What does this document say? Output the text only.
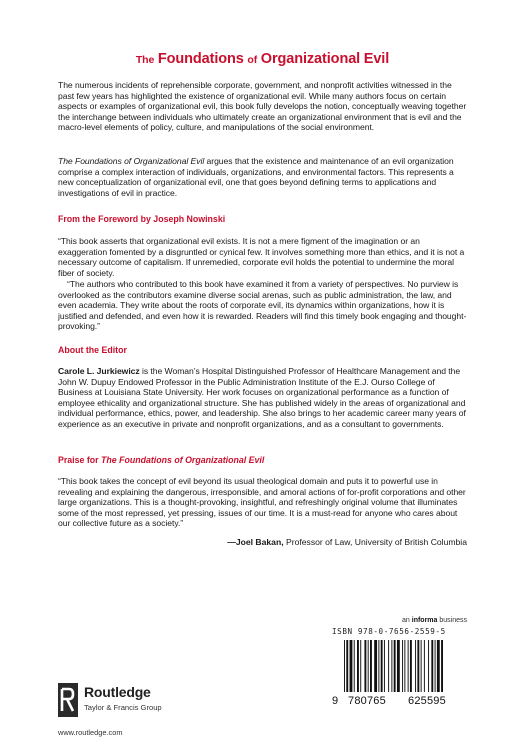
The Foundations of Organizational Evil

The numerous incidents of reprehensible corporate, government, and nonprofit activities witnessed in the past few years has highlighted the existence of organizational evil. While many authors focus on certain aspects or examples of organizational evil, this book fully develops the notion, conceptually weaving together the interchange between individuals who ultimately create an organizational environment that is evil and the macro-level elements of policy, culture, and manipulations of the social environment.

The Foundations of Organizational Evil argues that the existence and maintenance of an evil organization comprise a complex interaction of individuals, organizations, and environmental factors. This represents a new conceptualization of organizational evil, one that goes beyond defining terms to applications and investigations of evil in practice.

From the Foreword by Joseph Nowinski

“This book asserts that organizational evil exists. It is not a mere figment of the imagination or an exaggeration fomented by a disgruntled or cynical few. It involves something more than ethics, and it is not a necessary outcome of capitalism. If unremedied, corporate evil holds the potential to undermine the moral fiber of society.

“The authors who contributed to this book have examined it from a variety of perspectives. No purview is overlooked as the contributors examine diverse social arenas, such as public administration, the law, and even academia. They write about the roots of corporate evil, its dynamics within organizations, how it is justified and defended, and even how it is rewarded. Readers will find this timely book engaging and thought-provoking.”

About the Editor

Carole L. Jurkiewicz is the Woman’s Hospital Distinguished Professor of Healthcare Management and the John W. Dupuy Endowed Professor in the Public Administration Institute of the E.J. Ourso College of Business at Louisiana State University. Her work focuses on organizational performance as a function of employee ethicality and organizational structure. She has published widely in the areas of organizational and individual performance, ethics, power, and leadership. She also brings to her academic career many years of experience as an executive in private and nonprofit organizations, and as a consultant to governments.

Praise for The Foundations of Organizational Evil

“This book takes the concept of evil beyond its usual theological domain and puts it to powerful use in revealing and explaining the dangerous, irresponsible, and amoral actions of for-profit corporations and other large organizations. This is a thought-provoking, insightful, and refreshingly original volume that illuminates some of the most repressed, yet pressing, issues of our time. It is a must-read for anyone who cares about our collective future as a society.”

—Joel Bakan, Professor of Law, University of British Columbia
an informa business
ISBN 978-0-7656-2559-5
9 780765 625595
Routledge
Taylor & Francis Group
www.routledge.com
